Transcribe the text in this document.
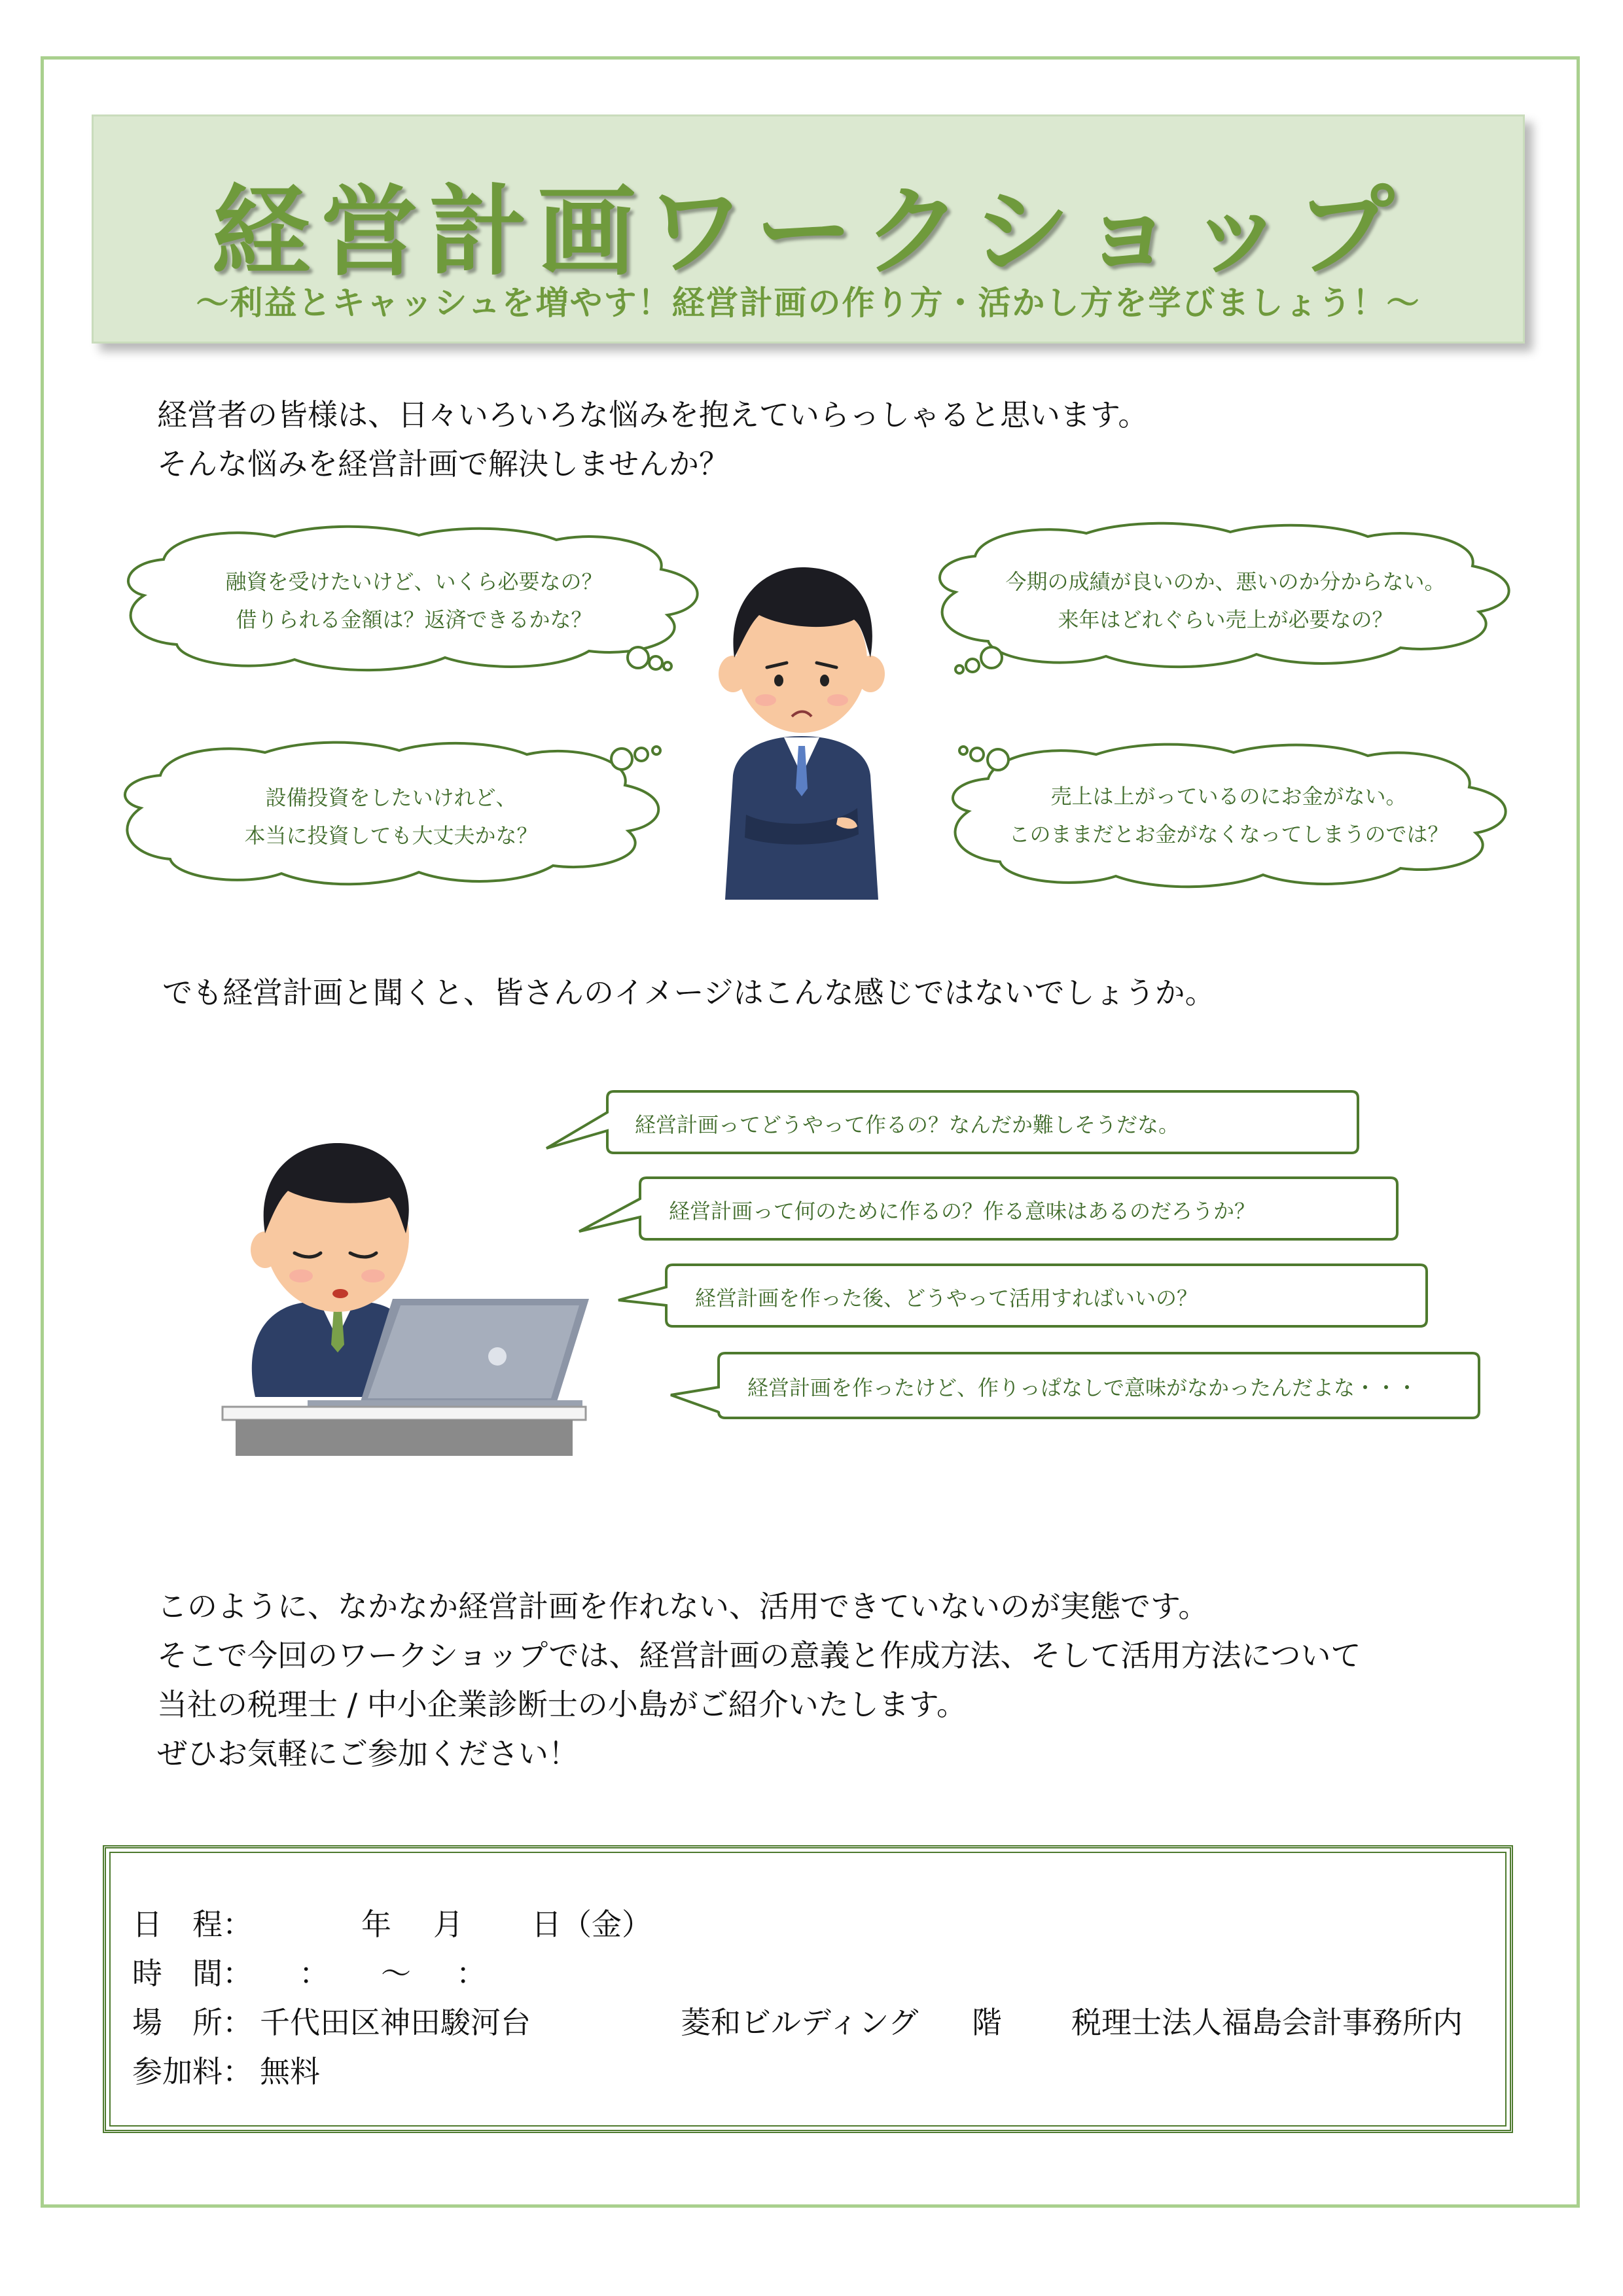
経営計画ワークショップ
～利益とキャッシュを増やす！経営計画の作り方・活かし方を学びましょう！～
経営者の皆様は、日々いろいろな悩みを抱えていらっしゃると思います。
そんな悩みを経営計画で解決しませんか？
融資を受けたいけど、いくら必要なの？
借りられる金額は？返済できるかな？
今期の成績が良いのか、悪いのか分からない。
来年はどれぐらい売上が必要なの？
設備投資をしたいけれど、
本当に投資しても大丈夫かな？
売上は上がっているのにお金がない。
このままだとお金がなくなってしまうのでは？
でも経営計画と聞くと、皆さんのイメージはこんな感じではないでしょうか。
経営計画ってどうやって作るの？なんだか難しそうだな。
経営計画って何のために作るの？作る意味はあるのだろうか？
経営計画を作った後、どうやって活用すればいいの？
経営計画を作ったけど、作りっぱなしで意味がなかったんだよな・・・
このように、なかなか経営計画を作れない、活用できていないのが実態です。
そこで今回のワークショップでは、経営計画の意義と作成方法、そして活用方法について
当社の税理士 / 中小企業診断士の小島がご紹介いたします。
ぜひお気軽にご参加ください！
日　程：	年 月 日（金）
時　間： ： ～ ：
場　所： 千代田区神田駿河台	菱和ビルディング 階 税理士法人福島会計事務所内
参加料： 無料
